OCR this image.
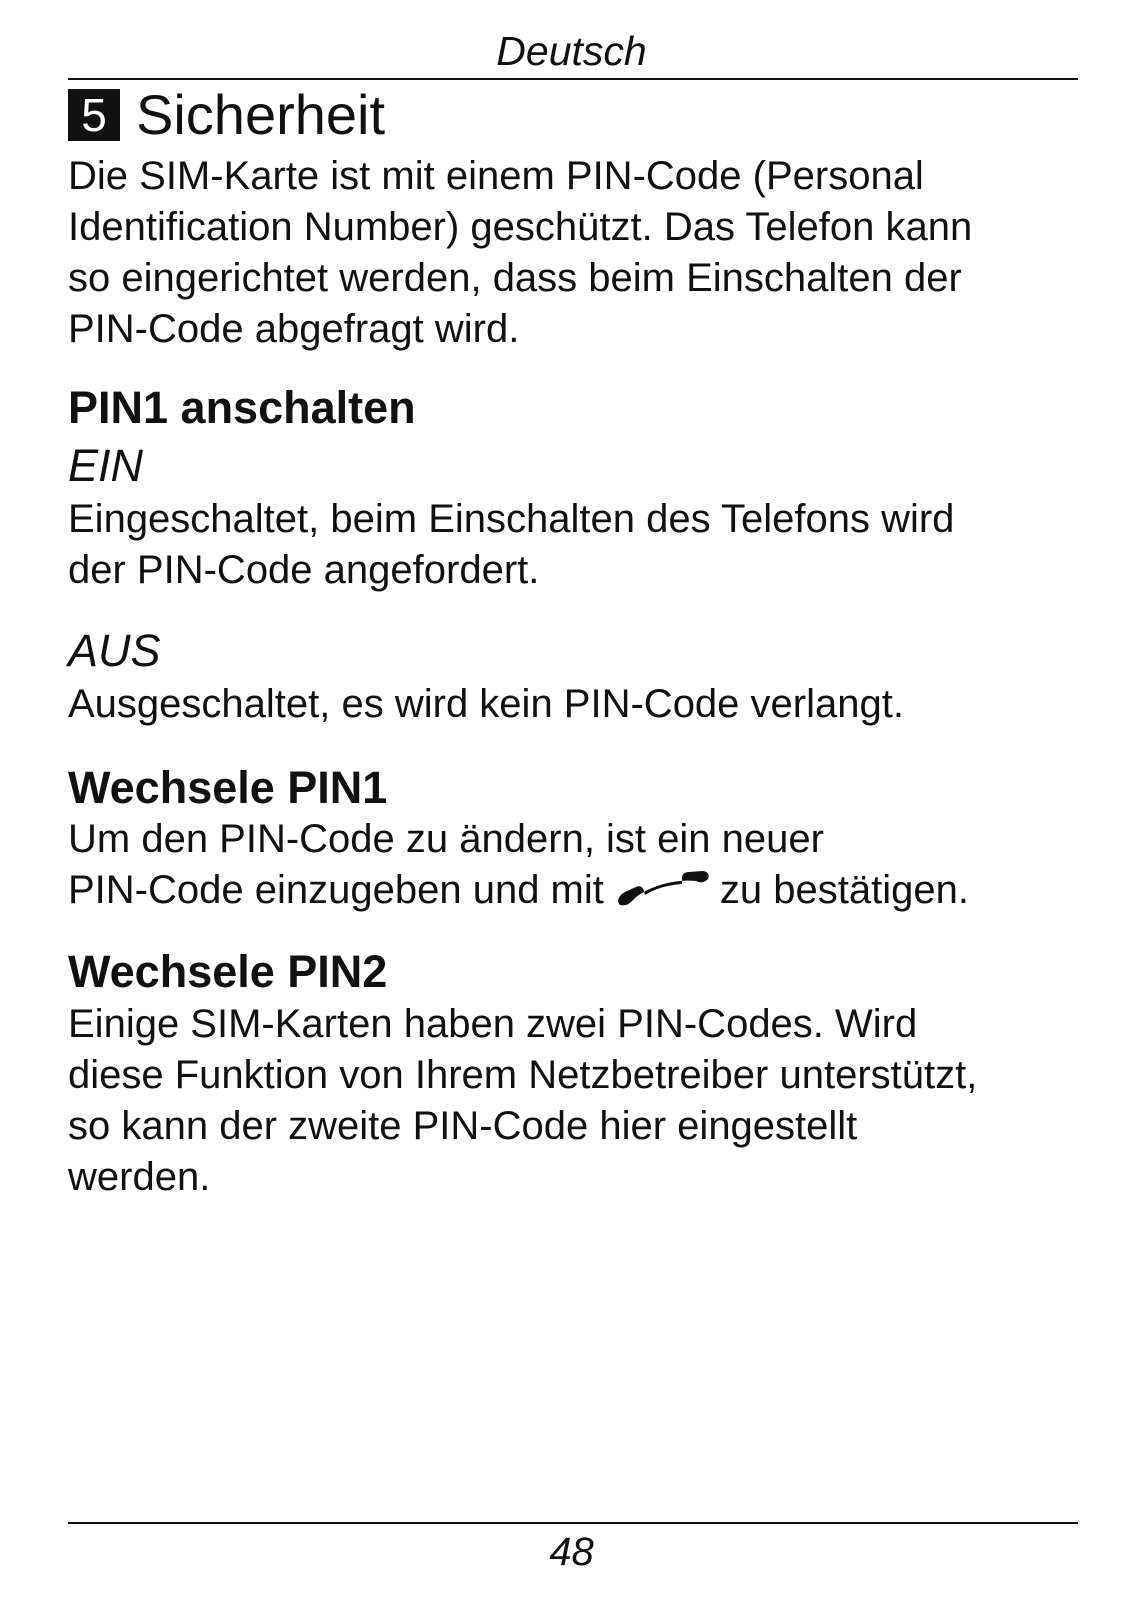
Deutsch
5 Sicherheit

Die SIM-Karte ist mit einem PIN-Code (Personal
Identification Number) geschützt. Das Telefon kann
so eingerichtet werden, dass beim Einschalten der
PIN-Code abgefragt wird.

PIN1 anschalten
EIN

Eingeschaltet, beim Einschalten des Telefons wird
der PIN-Code angefordert.

AUS

Ausgeschaltet, es wird kein PIN-Code verlangt.

Wechsele PIN1

Um den PIN-Code zu ändern, ist ein neuer
PIN-Code einzugeben und mit	zu bestätigen.

Wechsele PIN2

Einige SIM-Karten haben zwei PIN-Codes. Wird
diese Funktion von Ihrem Netzbetreiber unterstützt,
so kann der zweite PIN-Code hier eingestellt
werden.

48
